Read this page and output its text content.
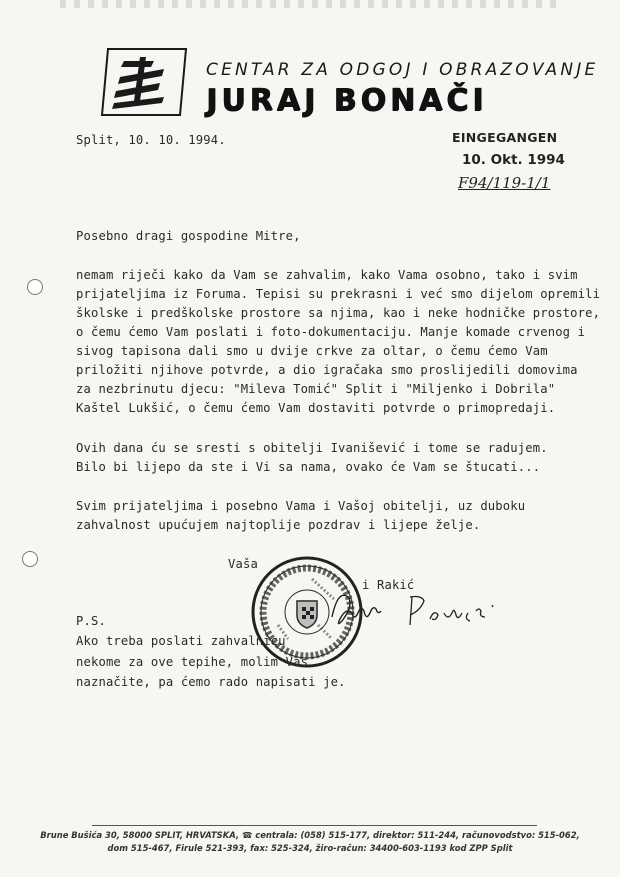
CENTAR ZA ODGOJ I OBRAZOVANJE
JURAJ BONAČI
Split, 10. 10. 1994.	EINGEGANGEN
10. Okt. 1994
F94/119-1/1
Posebno dragi gospodine Mitre,
nemam riječi kako da Vam se zahvalim, kako Vama osobno, tako i svim
prijateljima iz Foruma. Tepisi su prekrasni i već smo dijelom opremili
školske i predškolske prostore sa njima, kao i neke hodničke prostore,
o čemu ćemo Vam poslati i foto-dokumentaciju. Manje komade crvenog i
sivog tapisona dali smo u dvije crkve za oltar, o čemu ćemo Vam
priložiti njihove potvrde, a dio igračaka smo proslijedili domovima
za nezbrinutu djecu: "Mileva Tomić" Split i "Miljenko i Dobrila"
Kaštel Lukšić, o čemu ćemo Vam dostaviti potvrde o primopredaji.
Ovih dana ću se sresti s obitelji Ivanišević i tome se radujem.
Bilo bi lijepo da ste i Vi sa nama, ovako će Vam se štucati...
Svim prijateljima i posebno Vama i Vašoj obitelji, uz duboku
zahvalnost upućujem najtoplije pozdrav i lijepe želje.
Vaša
i Rakić
P.S.
Ako treba poslati zahvalnicu
nekome za ove tepihe, molim Vas
naznačite, pa ćemo rado napisati je.
Brune Bušića 30, 58000 SPLIT, HRVATSKA, ☎ centrala: (058) 515-177, direktor: 511-244, računovodstvo: 515-062,
dom 515-467, Firule 521-393, fax: 525-324, žiro-račun: 34400-603-1193 kod ZPP Split
